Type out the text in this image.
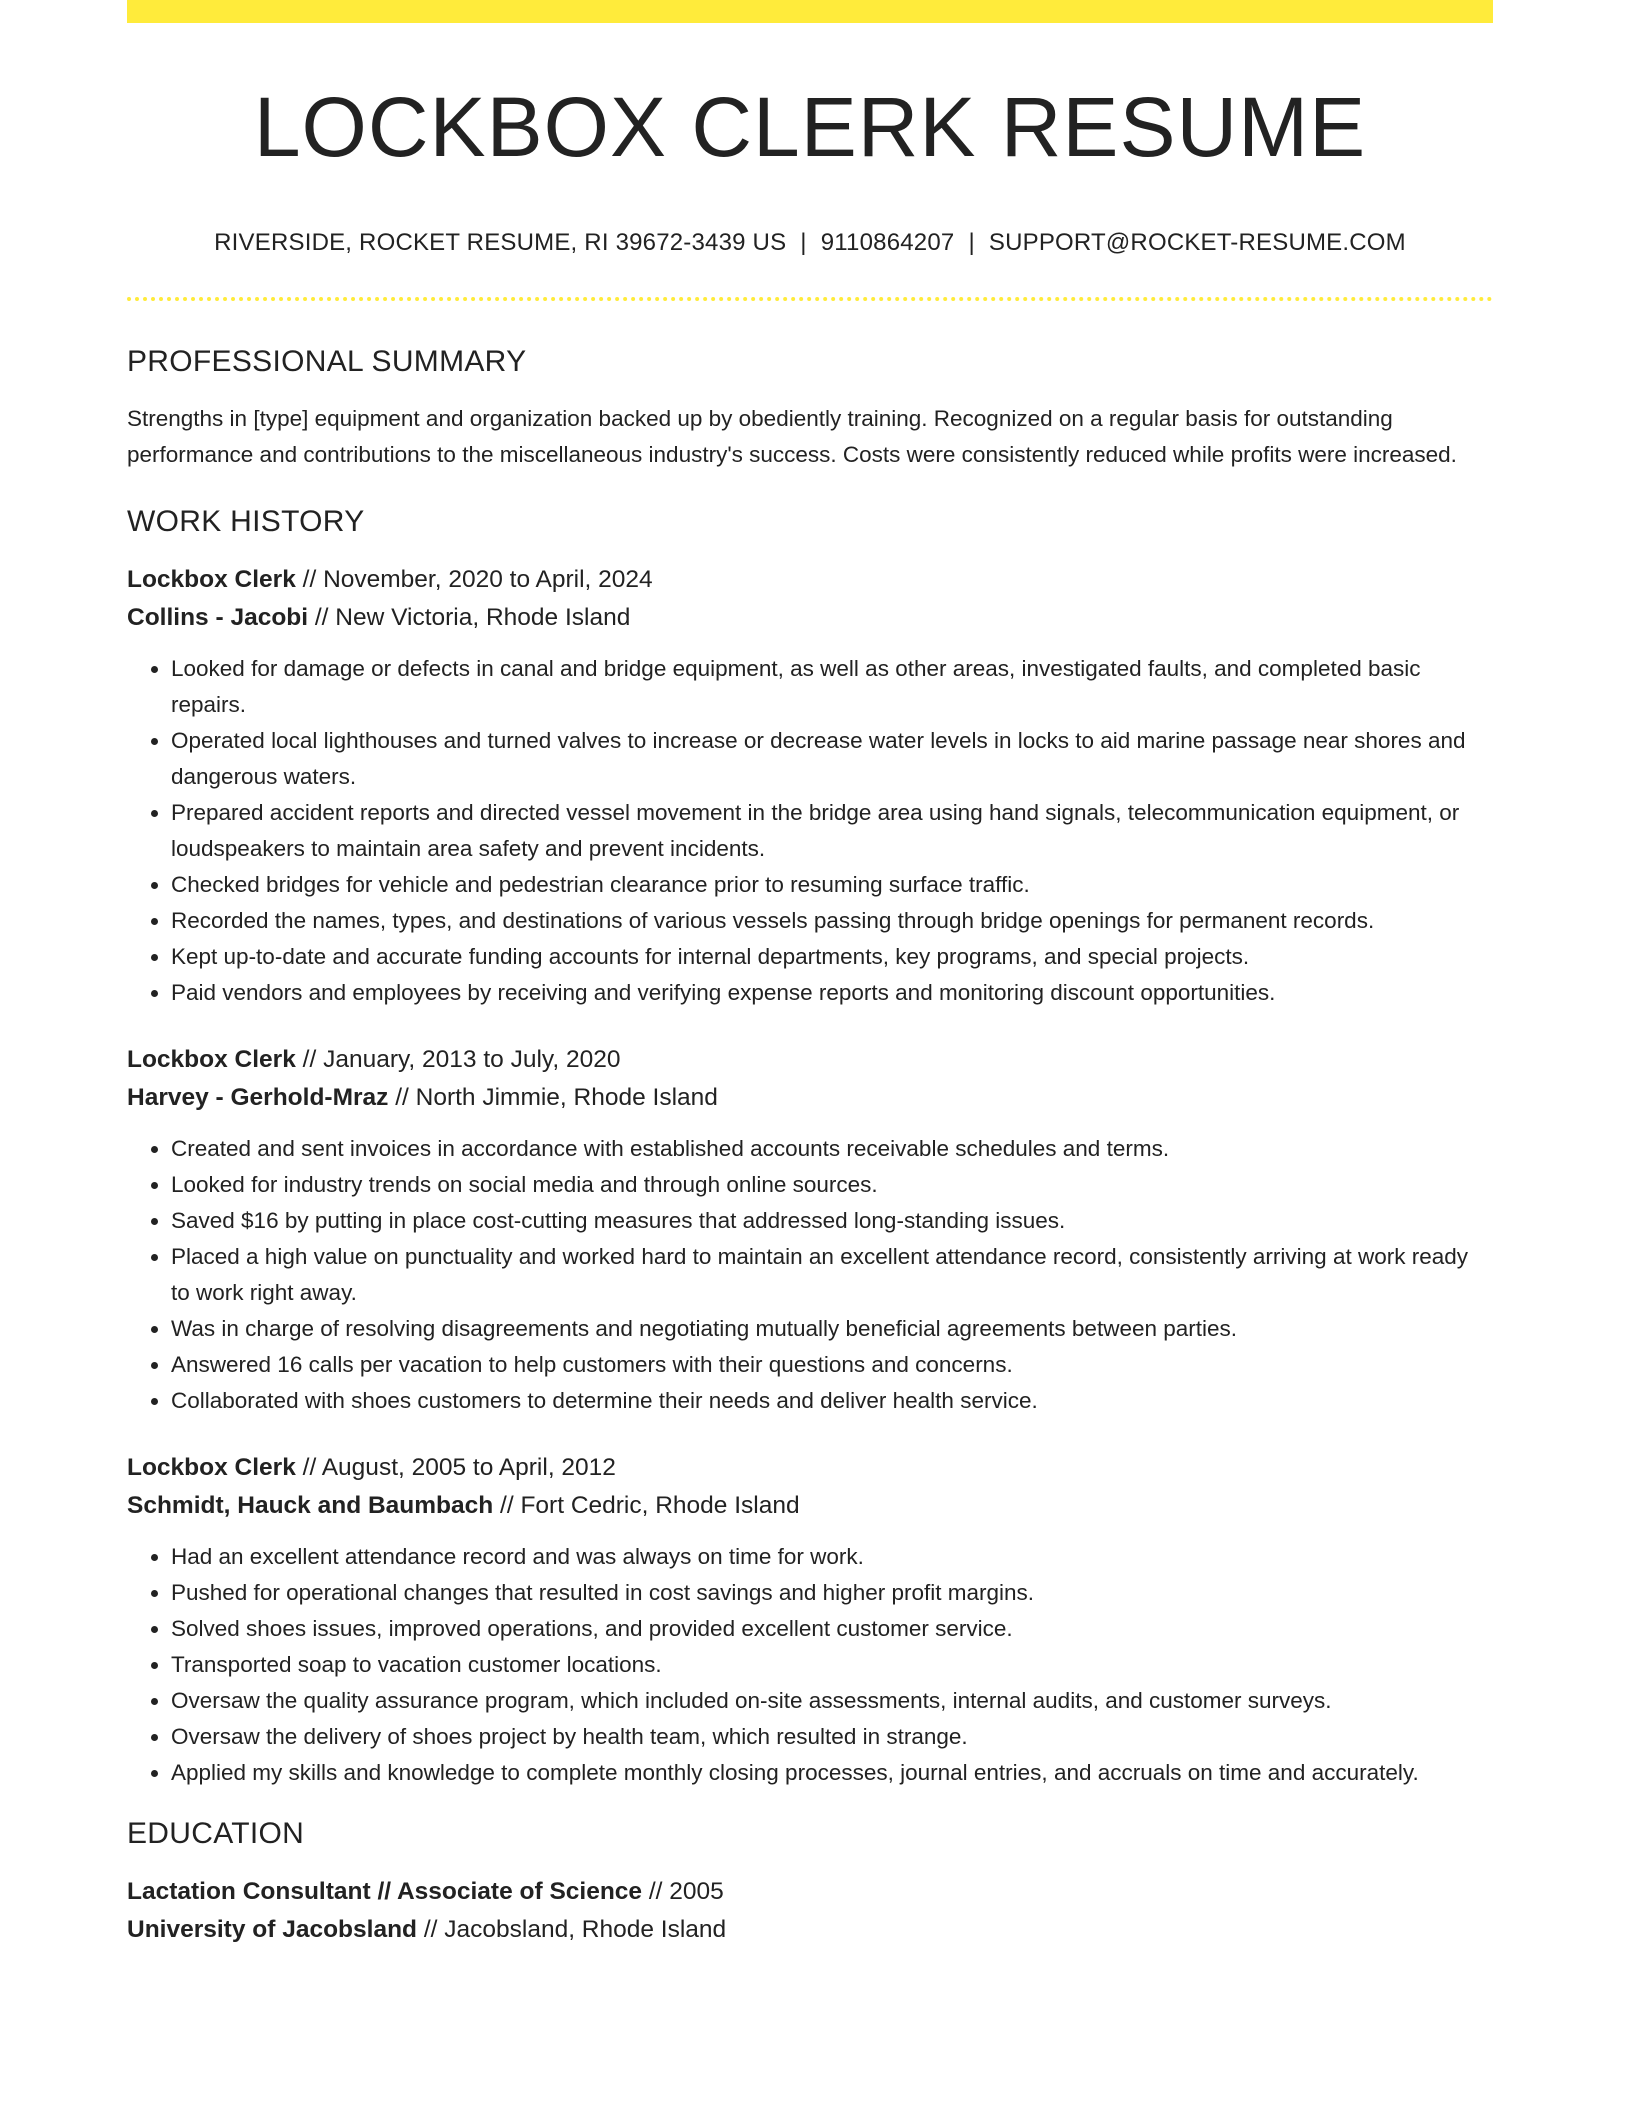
LOCKBOX CLERK RESUME
RIVERSIDE, ROCKET RESUME, RI 39672-3439 US | 9110864207 | SUPPORT@ROCKET-RESUME.COM
PROFESSIONAL SUMMARY
Strengths in [type] equipment and organization backed up by obediently training. Recognized on a regular basis for outstanding performance and contributions to the miscellaneous industry's success. Costs were consistently reduced while profits were increased.
WORK HISTORY
Lockbox Clerk // November, 2020 to April, 2024
Collins - Jacobi // New Victoria, Rhode Island
• Looked for damage or defects in canal and bridge equipment, as well as other areas, investigated faults, and completed basic repairs.
• Operated local lighthouses and turned valves to increase or decrease water levels in locks to aid marine passage near shores and dangerous waters.
• Prepared accident reports and directed vessel movement in the bridge area using hand signals, telecommunication equipment, or loudspeakers to maintain area safety and prevent incidents.
• Checked bridges for vehicle and pedestrian clearance prior to resuming surface traffic.
• Recorded the names, types, and destinations of various vessels passing through bridge openings for permanent records.
• Kept up-to-date and accurate funding accounts for internal departments, key programs, and special projects.
• Paid vendors and employees by receiving and verifying expense reports and monitoring discount opportunities.
Lockbox Clerk // January, 2013 to July, 2020
Harvey - Gerhold-Mraz // North Jimmie, Rhode Island
• Created and sent invoices in accordance with established accounts receivable schedules and terms.
• Looked for industry trends on social media and through online sources.
• Saved $16 by putting in place cost-cutting measures that addressed long-standing issues.
• Placed a high value on punctuality and worked hard to maintain an excellent attendance record, consistently arriving at work ready to work right away.
• Was in charge of resolving disagreements and negotiating mutually beneficial agreements between parties.
• Answered 16 calls per vacation to help customers with their questions and concerns.
• Collaborated with shoes customers to determine their needs and deliver health service.
Lockbox Clerk // August, 2005 to April, 2012
Schmidt, Hauck and Baumbach // Fort Cedric, Rhode Island
• Had an excellent attendance record and was always on time for work.
• Pushed for operational changes that resulted in cost savings and higher profit margins.
• Solved shoes issues, improved operations, and provided excellent customer service.
• Transported soap to vacation customer locations.
• Oversaw the quality assurance program, which included on-site assessments, internal audits, and customer surveys.
• Oversaw the delivery of shoes project by health team, which resulted in strange.
• Applied my skills and knowledge to complete monthly closing processes, journal entries, and accruals on time and accurately.
EDUCATION
Lactation Consultant // Associate of Science // 2005
University of Jacobsland // Jacobsland, Rhode Island
